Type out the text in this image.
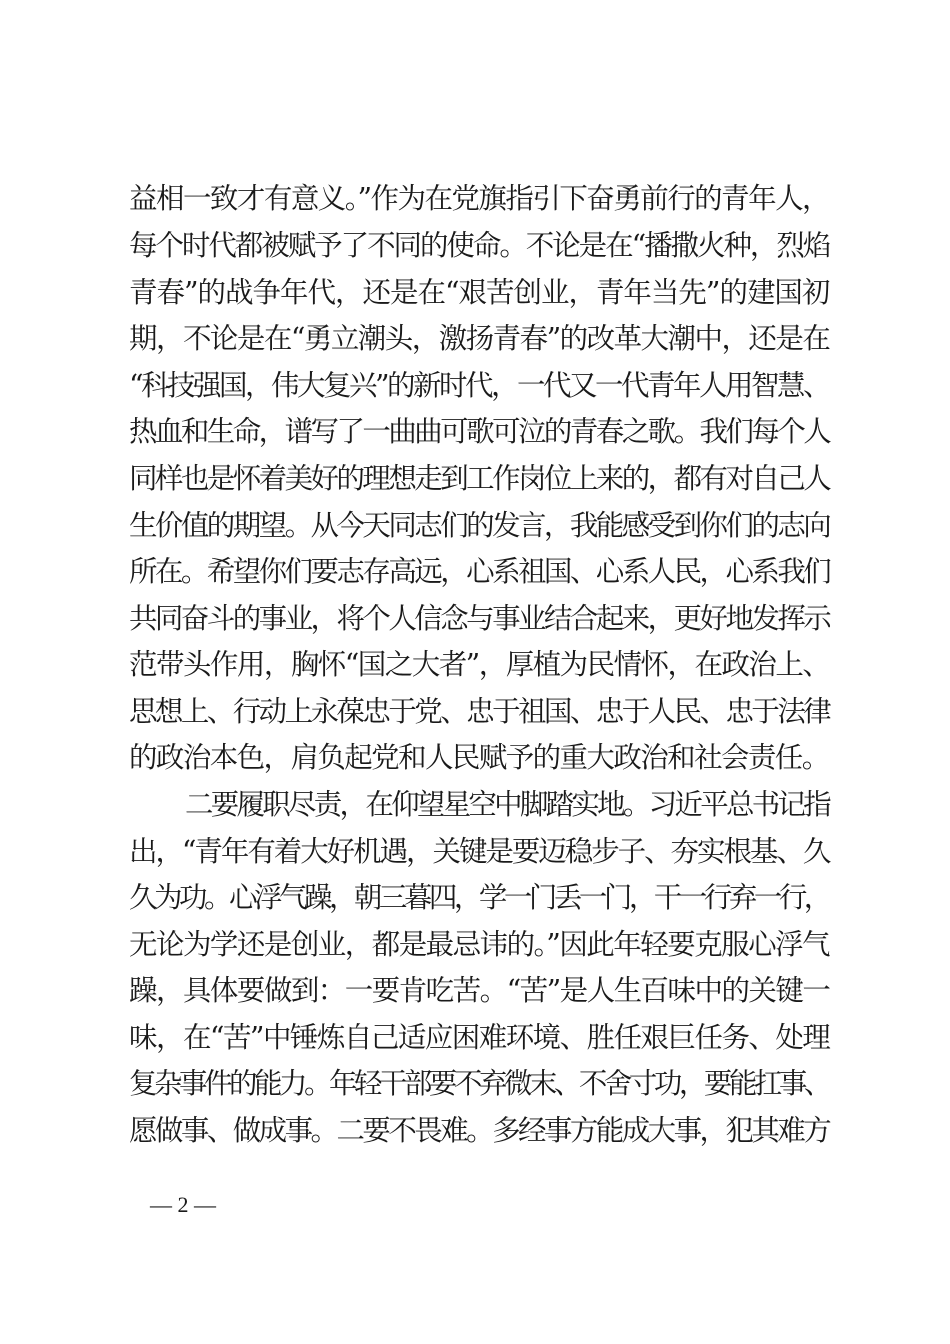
益相一致才有意义。”作为在党旗指引下奋勇前行的青年人，
每个时代都被赋予了不同的使命。不论是在“播撒火种，烈焰
青春”的战争年代，还是在“艰苦创业，青年当先”的建国初
期，不论是在“勇立潮头，激扬青春”的改革大潮中，还是在
“科技强国，伟大复兴”的新时代，一代又一代青年人用智慧、
热血和生命，谱写了一曲曲可歌可泣的青春之歌。我们每个人
同样也是怀着美好的理想走到工作岗位上来的，都有对自己人
生价值的期望。从今天同志们的发言，我能感受到你们的志向
所在。希望你们要志存高远，心系祖国、心系人民，心系我们
共同奋斗的事业，将个人信念与事业结合起来，更好地发挥示
范带头作用，胸怀“国之大者”，厚植为民情怀，在政治上、
思想上、行动上永葆忠于党、忠于祖国、忠于人民、忠于法律
的政治本色，肩负起党和人民赋予的重大政治和社会责任。
二要履职尽责，在仰望星空中脚踏实地。习近平总书记指
出，“青年有着大好机遇，关键是要迈稳步子、夯实根基、久
久为功。心浮气躁，朝三暮四，学一门丢一门，干一行弃一行，
无论为学还是创业，都是最忌讳的。”因此年轻要克服心浮气
躁，具体要做到：一要肯吃苦。“苦”是人生百味中的关键一
味，在“苦”中锤炼自己适应困难环境、胜任艰巨任务、处理
复杂事件的能力。年轻干部要不弃微末、不舍寸功，要能扛事、
愿做事、做成事。二要不畏难。多经事方能成大事，犯其难方
— 2 —
